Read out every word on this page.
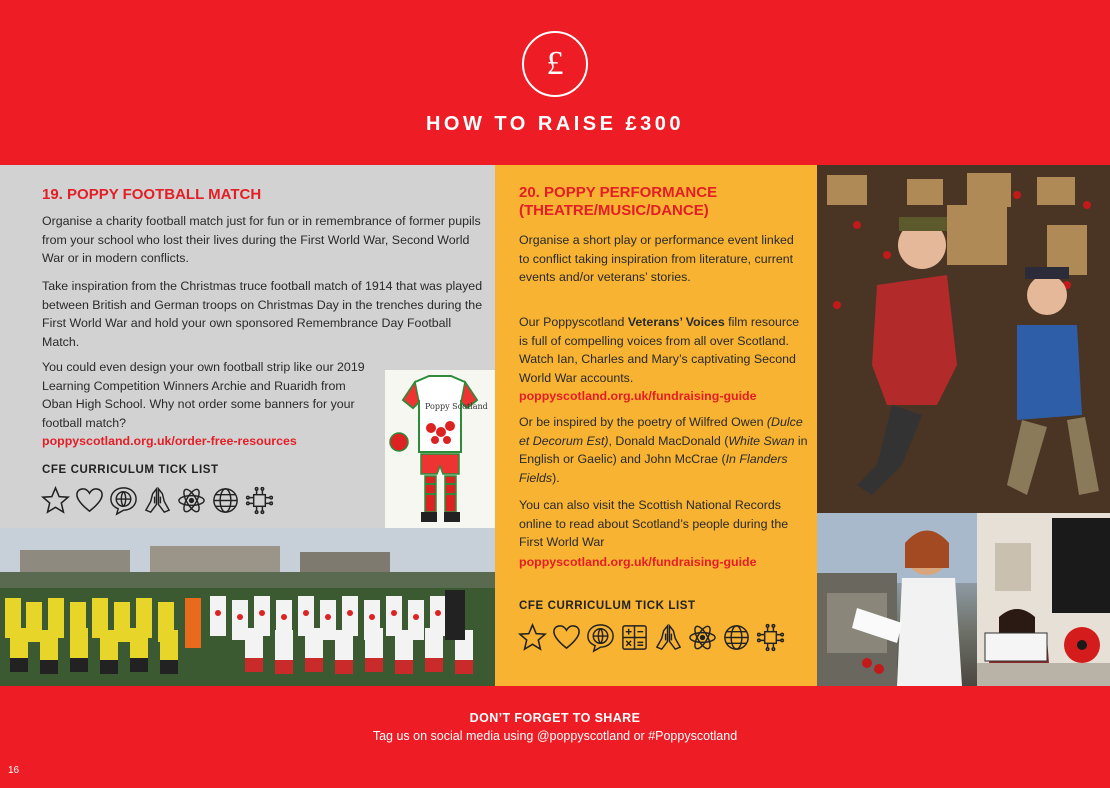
£
HOW TO RAISE £300
19. POPPY FOOTBALL MATCH
Organise a charity football match just for fun or in remembrance of former pupils from your school who lost their lives during the First World War, Second World War or in modern conflicts.
Take inspiration from the Christmas truce football match of 1914 that was played between British and German troops on Christmas Day in the trenches during the First World War and hold your own sponsored Remembrance Day Football Match.
You could even design your own football strip like our 2019 Learning Competition Winners Archie and Ruaridh from Oban High School. Why not order some banners for your football match?
poppyscotland.org.uk/order-free-resources
CFE CURRICULUM TICK LIST
Poppy Scotland
20. POPPY PERFORMANCE (THEATRE/MUSIC/DANCE)
Organise a short play or performance event linked to conflict taking inspiration from literature, current events and/or veterans’ stories.
Our Poppyscotland Veterans’ Voices film resource is full of compelling voices from all over Scotland. Watch Ian, Charles and Mary’s captivating Second World War accounts.
poppyscotland.org.uk/fundraising-guide
Or be inspired by the poetry of Wilfred Owen (Dulce et Decorum Est), Donald MacDonald (White Swan in English or Gaelic) and John McCrae (In Flanders Fields).
You can also visit the Scottish National Records online to read about Scotland’s people during the First World War
poppyscotland.org.uk/fundraising-guide
CFE CURRICULUM TICK LIST
DON’T FORGET TO SHARE
Tag us on social media using @poppyscotland or #Poppyscotland
16
